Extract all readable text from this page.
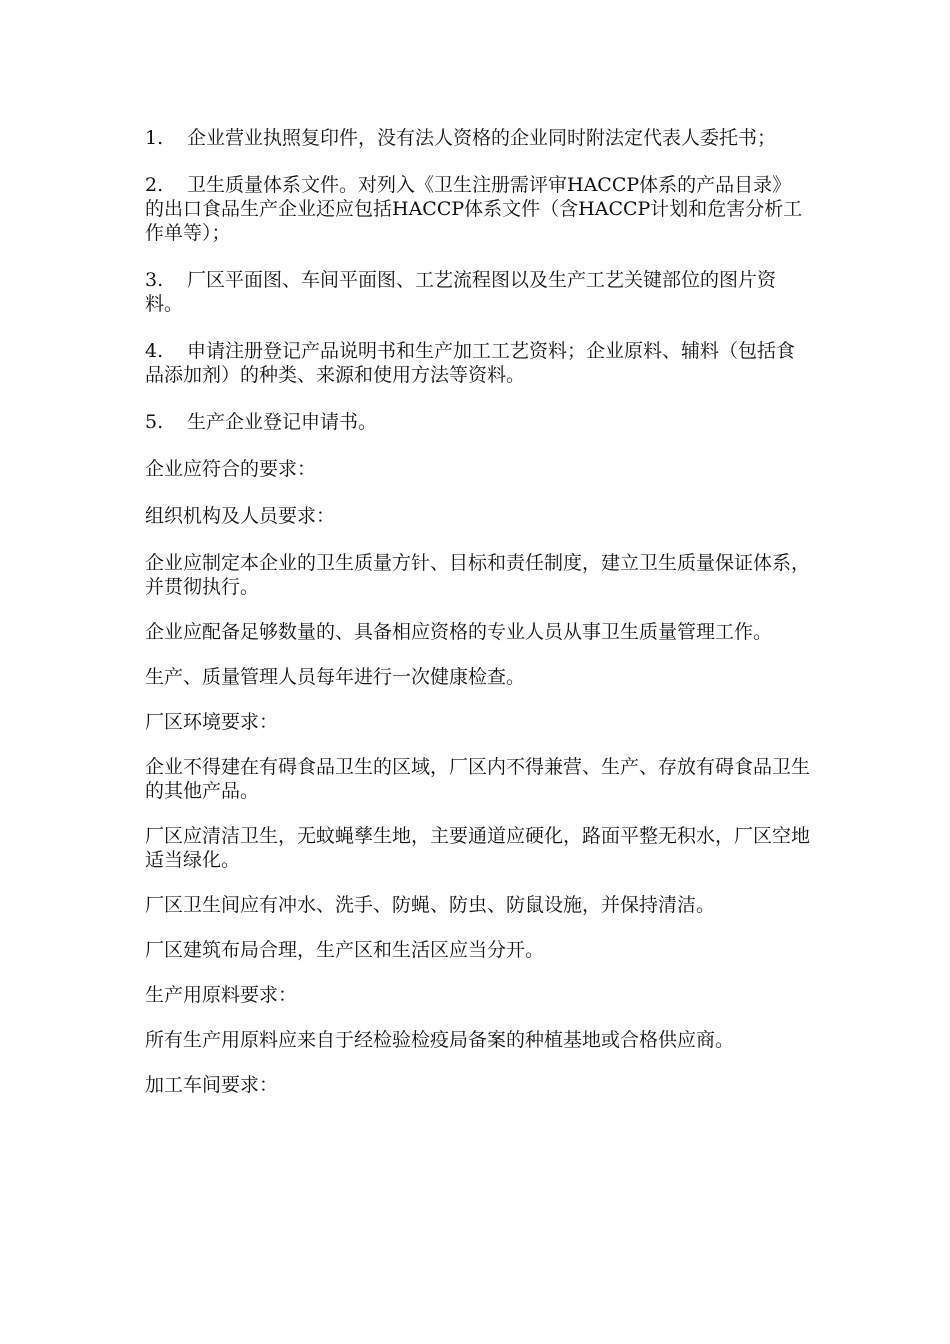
1. 企业营业执照复印件，没有法人资格的企业同时附法定代表人委托书；

2. 卫生质量体系文件。对列入《卫生注册需评审HACCP体系的产品目录》的出口食品生产企业还应包括HACCP体系文件（含HACCP计划和危害分析工作单等）；

3. 厂区平面图、车间平面图、工艺流程图以及生产工艺关键部位的图片资料。

4. 申请注册登记产品说明书和生产加工工艺资料；企业原料、辅料（包括食品添加剂）的种类、来源和使用方法等资料。

5. 生产企业登记申请书。

企业应符合的要求：

组织机构及人员要求：

企业应制定本企业的卫生质量方针、目标和责任制度，建立卫生质量保证体系，并贯彻执行。

企业应配备足够数量的、具备相应资格的专业人员从事卫生质量管理工作。

生产、质量管理人员每年进行一次健康检查。

厂区环境要求：

企业不得建在有碍食品卫生的区域，厂区内不得兼营、生产、存放有碍食品卫生的其他产品。

厂区应清洁卫生，无蚊蝇孳生地，主要通道应硬化，路面平整无积水，厂区空地适当绿化。

厂区卫生间应有冲水、洗手、防蝇、防虫、防鼠设施，并保持清洁。

厂区建筑布局合理，生产区和生活区应当分开。

生产用原料要求：

所有生产用原料应来自于经检验检疫局备案的种植基地或合格供应商。

加工车间要求：
